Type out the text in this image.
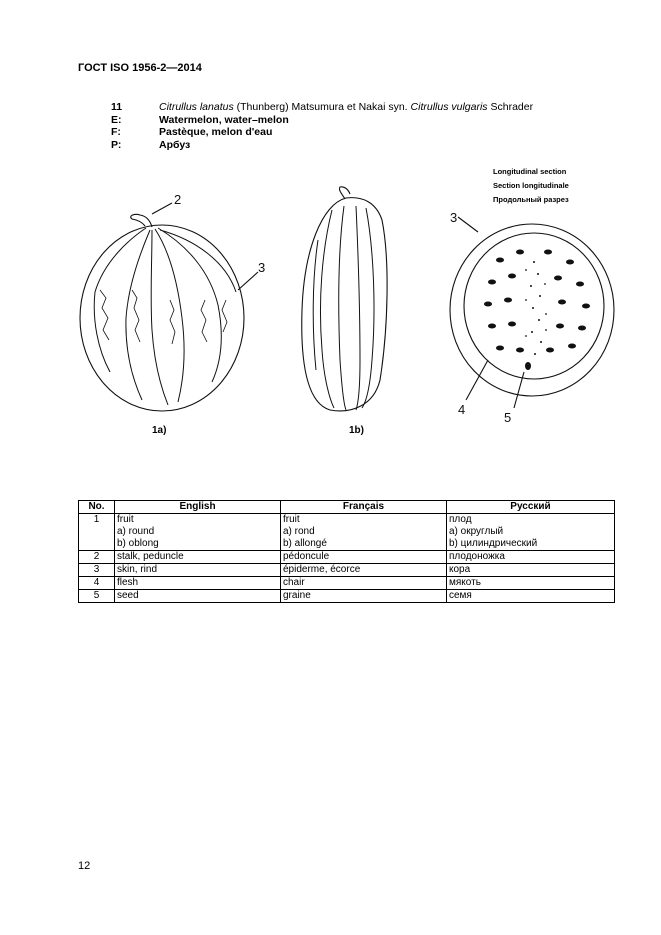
ГОСТ ISO 1956-2—2014
11	Citrullus lanatus (Thunberg) Matsumura et Nakai syn. Citrullus vulgaris Schrader
E:	Watermelon, water–melon
F:	Pastèque, melon d'eau
Р:	Арбуз
Longitudinal section
Section longitudinale
Продольный разрез
2
3
3
4
5
1a)	1b)
No.	English	Français	Русский
1	fruit
a) round
b) oblong	fruit
a) rond
b) allongé	плод
а) округлый
b) цилиндрический

2	stalk, peduncle	pédoncule	плодоножка
3	skin, rind	épiderme, écorce	кора
4	flesh	chair	мякоть
5	seed	graine	семя
12
